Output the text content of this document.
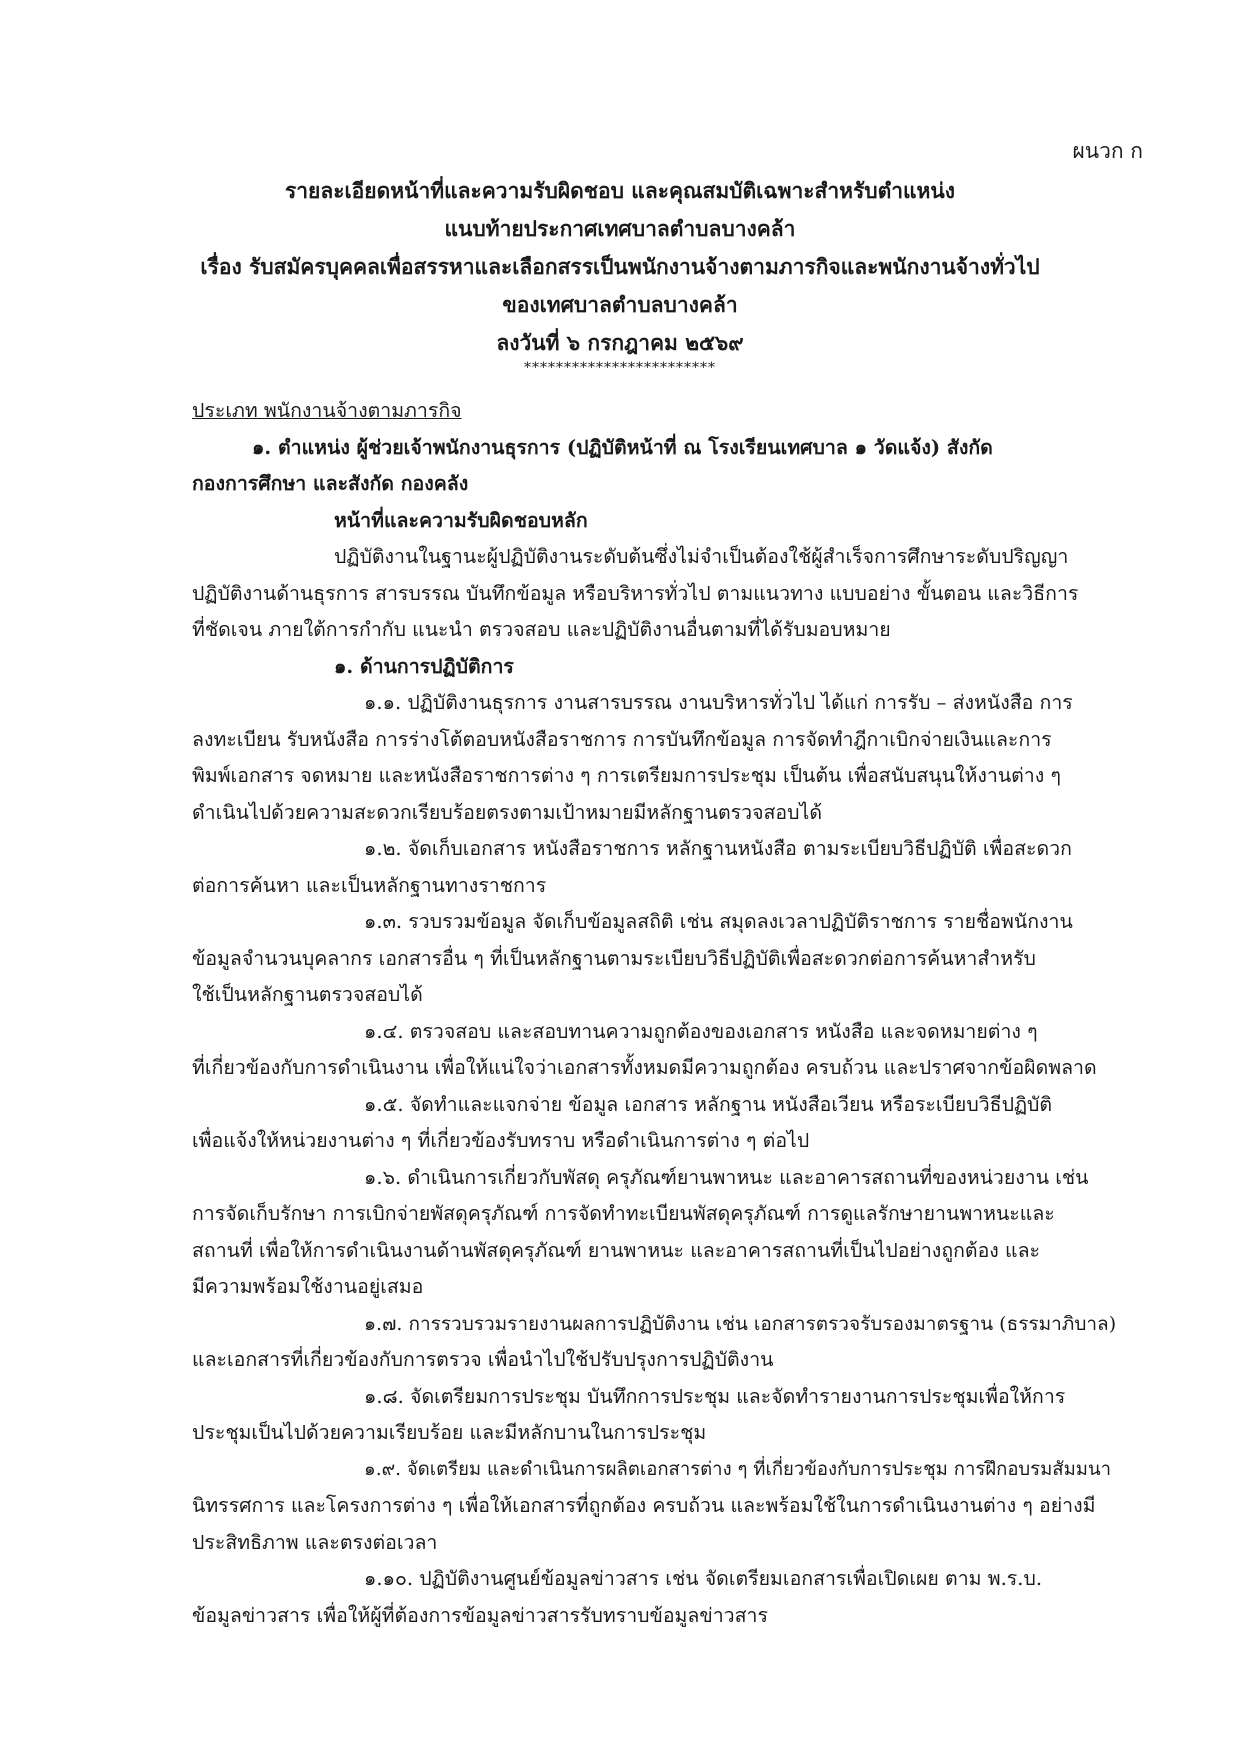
ผนวก ก
รายละเอียดหน้าที่และความรับผิดชอบ และคุณสมบัติเฉพาะสำหรับตำแหน่ง
แนบท้ายประกาศเทศบาลตำบลบางคล้า
เรื่อง รับสมัครบุคคลเพื่อสรรหาและเลือกสรรเป็นพนักงานจ้างตามภารกิจและพนักงานจ้างทั่วไป
ของเทศบาลตำบลบางคล้า
ลงวันที่ ๖ กรกฎาคม ๒๕๖๙
************************
ประเภท พนักงานจ้างตามภารกิจ
๑. ตำแหน่ง ผู้ช่วยเจ้าพนักงานธุรการ (ปฏิบัติหน้าที่ ณ โรงเรียนเทศบาล ๑ วัดแจ้ง) สังกัด
กองการศึกษา และสังกัด กองคลัง
หน้าที่และความรับผิดชอบหลัก
ปฏิบัติงานในฐานะผู้ปฏิบัติงานระดับต้นซึ่งไม่จำเป็นต้องใช้ผู้สำเร็จการศึกษาระดับปริญญา
ปฏิบัติงานด้านธุรการ สารบรรณ บันทึกข้อมูล หรือบริหารทั่วไป ตามแนวทาง แบบอย่าง ขั้นตอน และวิธีการ
ที่ชัดเจน ภายใต้การกำกับ แนะนำ ตรวจสอบ และปฏิบัติงานอื่นตามที่ได้รับมอบหมาย
๑. ด้านการปฏิบัติการ
๑.๑. ปฏิบัติงานธุรการ งานสารบรรณ งานบริหารทั่วไป ได้แก่ การรับ – ส่งหนังสือ การ
ลงทะเบียน รับหนังสือ การร่างโต้ตอบหนังสือราชการ การบันทึกข้อมูล การจัดทำฎีกาเบิกจ่ายเงินและการ
พิมพ์เอกสาร จดหมาย และหนังสือราชการต่าง ๆ การเตรียมการประชุม เป็นต้น เพื่อสนับสนุนให้งานต่าง ๆ
ดำเนินไปด้วยความสะดวกเรียบร้อยตรงตามเป้าหมายมีหลักฐานตรวจสอบได้
๑.๒. จัดเก็บเอกสาร หนังสือราชการ หลักฐานหนังสือ ตามระเบียบวิธีปฏิบัติ เพื่อสะดวก
ต่อการค้นหา และเป็นหลักฐานทางราชการ
๑.๓. รวบรวมข้อมูล จัดเก็บข้อมูลสถิติ เช่น สมุดลงเวลาปฏิบัติราชการ รายชื่อพนักงาน
ข้อมูลจำนวนบุคลากร เอกสารอื่น ๆ ที่เป็นหลักฐานตามระเบียบวิธีปฏิบัติเพื่อสะดวกต่อการค้นหาสำหรับ
ใช้เป็นหลักฐานตรวจสอบได้
๑.๔. ตรวจสอบ และสอบทานความถูกต้องของเอกสาร หนังสือ และจดหมายต่าง ๆ
ที่เกี่ยวข้องกับการดำเนินงาน เพื่อให้แน่ใจว่าเอกสารทั้งหมดมีความถูกต้อง ครบถ้วน และปราศจากข้อผิดพลาด
๑.๕. จัดทำและแจกจ่าย ข้อมูล เอกสาร หลักฐาน หนังสือเวียน หรือระเบียบวิธีปฏิบัติ
เพื่อแจ้งให้หน่วยงานต่าง ๆ ที่เกี่ยวข้องรับทราบ หรือดำเนินการต่าง ๆ ต่อไป
๑.๖. ดำเนินการเกี่ยวกับพัสดุ ครุภัณฑ์ยานพาหนะ และอาคารสถานที่ของหน่วยงาน เช่น
การจัดเก็บรักษา การเบิกจ่ายพัสดุครุภัณฑ์ การจัดทำทะเบียนพัสดุครุภัณฑ์ การดูแลรักษายานพาหนะและ
สถานที่ เพื่อให้การดำเนินงานด้านพัสดุครุภัณฑ์ ยานพาหนะ และอาคารสถานที่เป็นไปอย่างถูกต้อง และ
มีความพร้อมใช้งานอยู่เสมอ
๑.๗. การรวบรวมรายงานผลการปฏิบัติงาน เช่น เอกสารตรวจรับรองมาตรฐาน (ธรรมาภิบาล)
และเอกสารที่เกี่ยวข้องกับการตรวจ เพื่อนำไปใช้ปรับปรุงการปฏิบัติงาน
๑.๘. จัดเตรียมการประชุม บันทึกการประชุม และจัดทำรายงานการประชุมเพื่อให้การ
ประชุมเป็นไปด้วยความเรียบร้อย และมีหลักบานในการประชุม
๑.๙. จัดเตรียม และดำเนินการผลิตเอกสารต่าง ๆ ที่เกี่ยวข้องกับการประชุม การฝึกอบรมสัมมนา
นิทรรศการ และโครงการต่าง ๆ เพื่อให้เอกสารที่ถูกต้อง ครบถ้วน และพร้อมใช้ในการดำเนินงานต่าง ๆ อย่างมี
ประสิทธิภาพ และตรงต่อเวลา
๑.๑๐. ปฏิบัติงานศูนย์ข้อมูลข่าวสาร เช่น จัดเตรียมเอกสารเพื่อเปิดเผย ตาม พ.ร.บ.
ข้อมูลข่าวสาร เพื่อให้ผู้ที่ต้องการข้อมูลข่าวสารรับทราบข้อมูลข่าวสาร
